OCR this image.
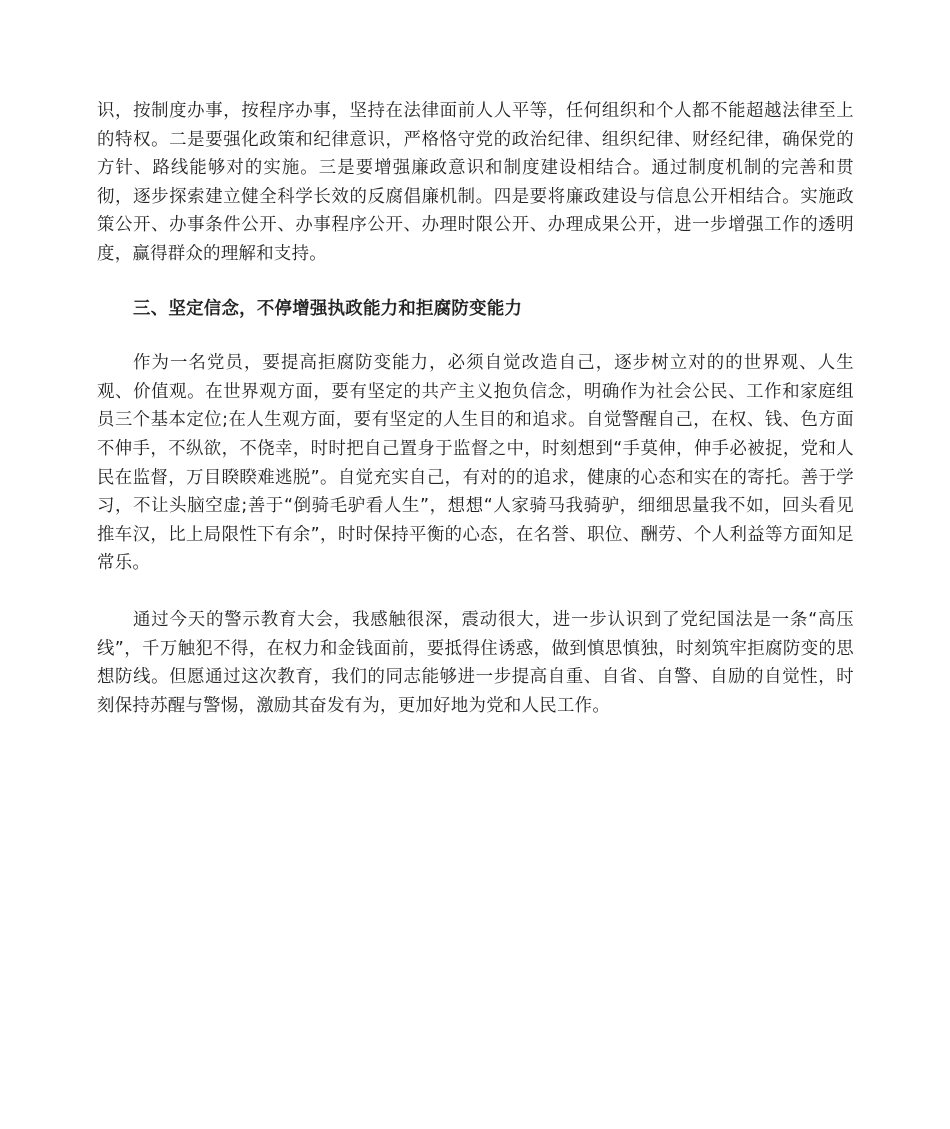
识，按制度办事，按程序办事，坚持在法律面前人人平等，任何组织和个人都不能超越法律至上的特权。二是要强化政策和纪律意识，严格恪守党的政治纪律、组织纪律、财经纪律，确保党的方针、路线能够对的实施。三是要增强廉政意识和制度建设相结合。通过制度机制的完善和贯彻，逐步探索建立健全科学长效的反腐倡廉机制。四是要将廉政建设与信息公开相结合。实施政策公开、办事条件公开、办事程序公开、办理时限公开、办理成果公开，进一步增强工作的透明度，赢得群众的理解和支持。

三、坚定信念，不停增强执政能力和拒腐防变能力

作为一名党员，要提高拒腐防变能力，必须自觉改造自己，逐步树立对的的世界观、人生观、价值观。在世界观方面，要有坚定的共产主义抱负信念，明确作为社会公民、工作和家庭组员三个基本定位;在人生观方面，要有坚定的人生目的和追求。自觉警醒自己，在权、钱、色方面不伸手，不纵欲，不侥幸，时时把自己置身于监督之中，时刻想到“手莫伸，伸手必被捉，党和人民在监督，万目睽睽难逃脱”。自觉充实自己，有对的的追求，健康的心态和实在的寄托。善于学习，不让头脑空虚;善于“倒骑毛驴看人生”，想想“人家骑马我骑驴，细细思量我不如，回头看见推车汉，比上局限性下有余”，时时保持平衡的心态，在名誉、职位、酬劳、个人利益等方面知足常乐。

通过今天的警示教育大会，我感触很深，震动很大，进一步认识到了党纪国法是一条“高压线”，千万触犯不得，在权力和金钱面前，要抵得住诱惑，做到慎思慎独，时刻筑牢拒腐防变的思想防线。但愿通过这次教育，我们的同志能够进一步提高自重、自省、自警、自励的自觉性，时刻保持苏醒与警惕，激励其奋发有为，更加好地为党和人民工作。
